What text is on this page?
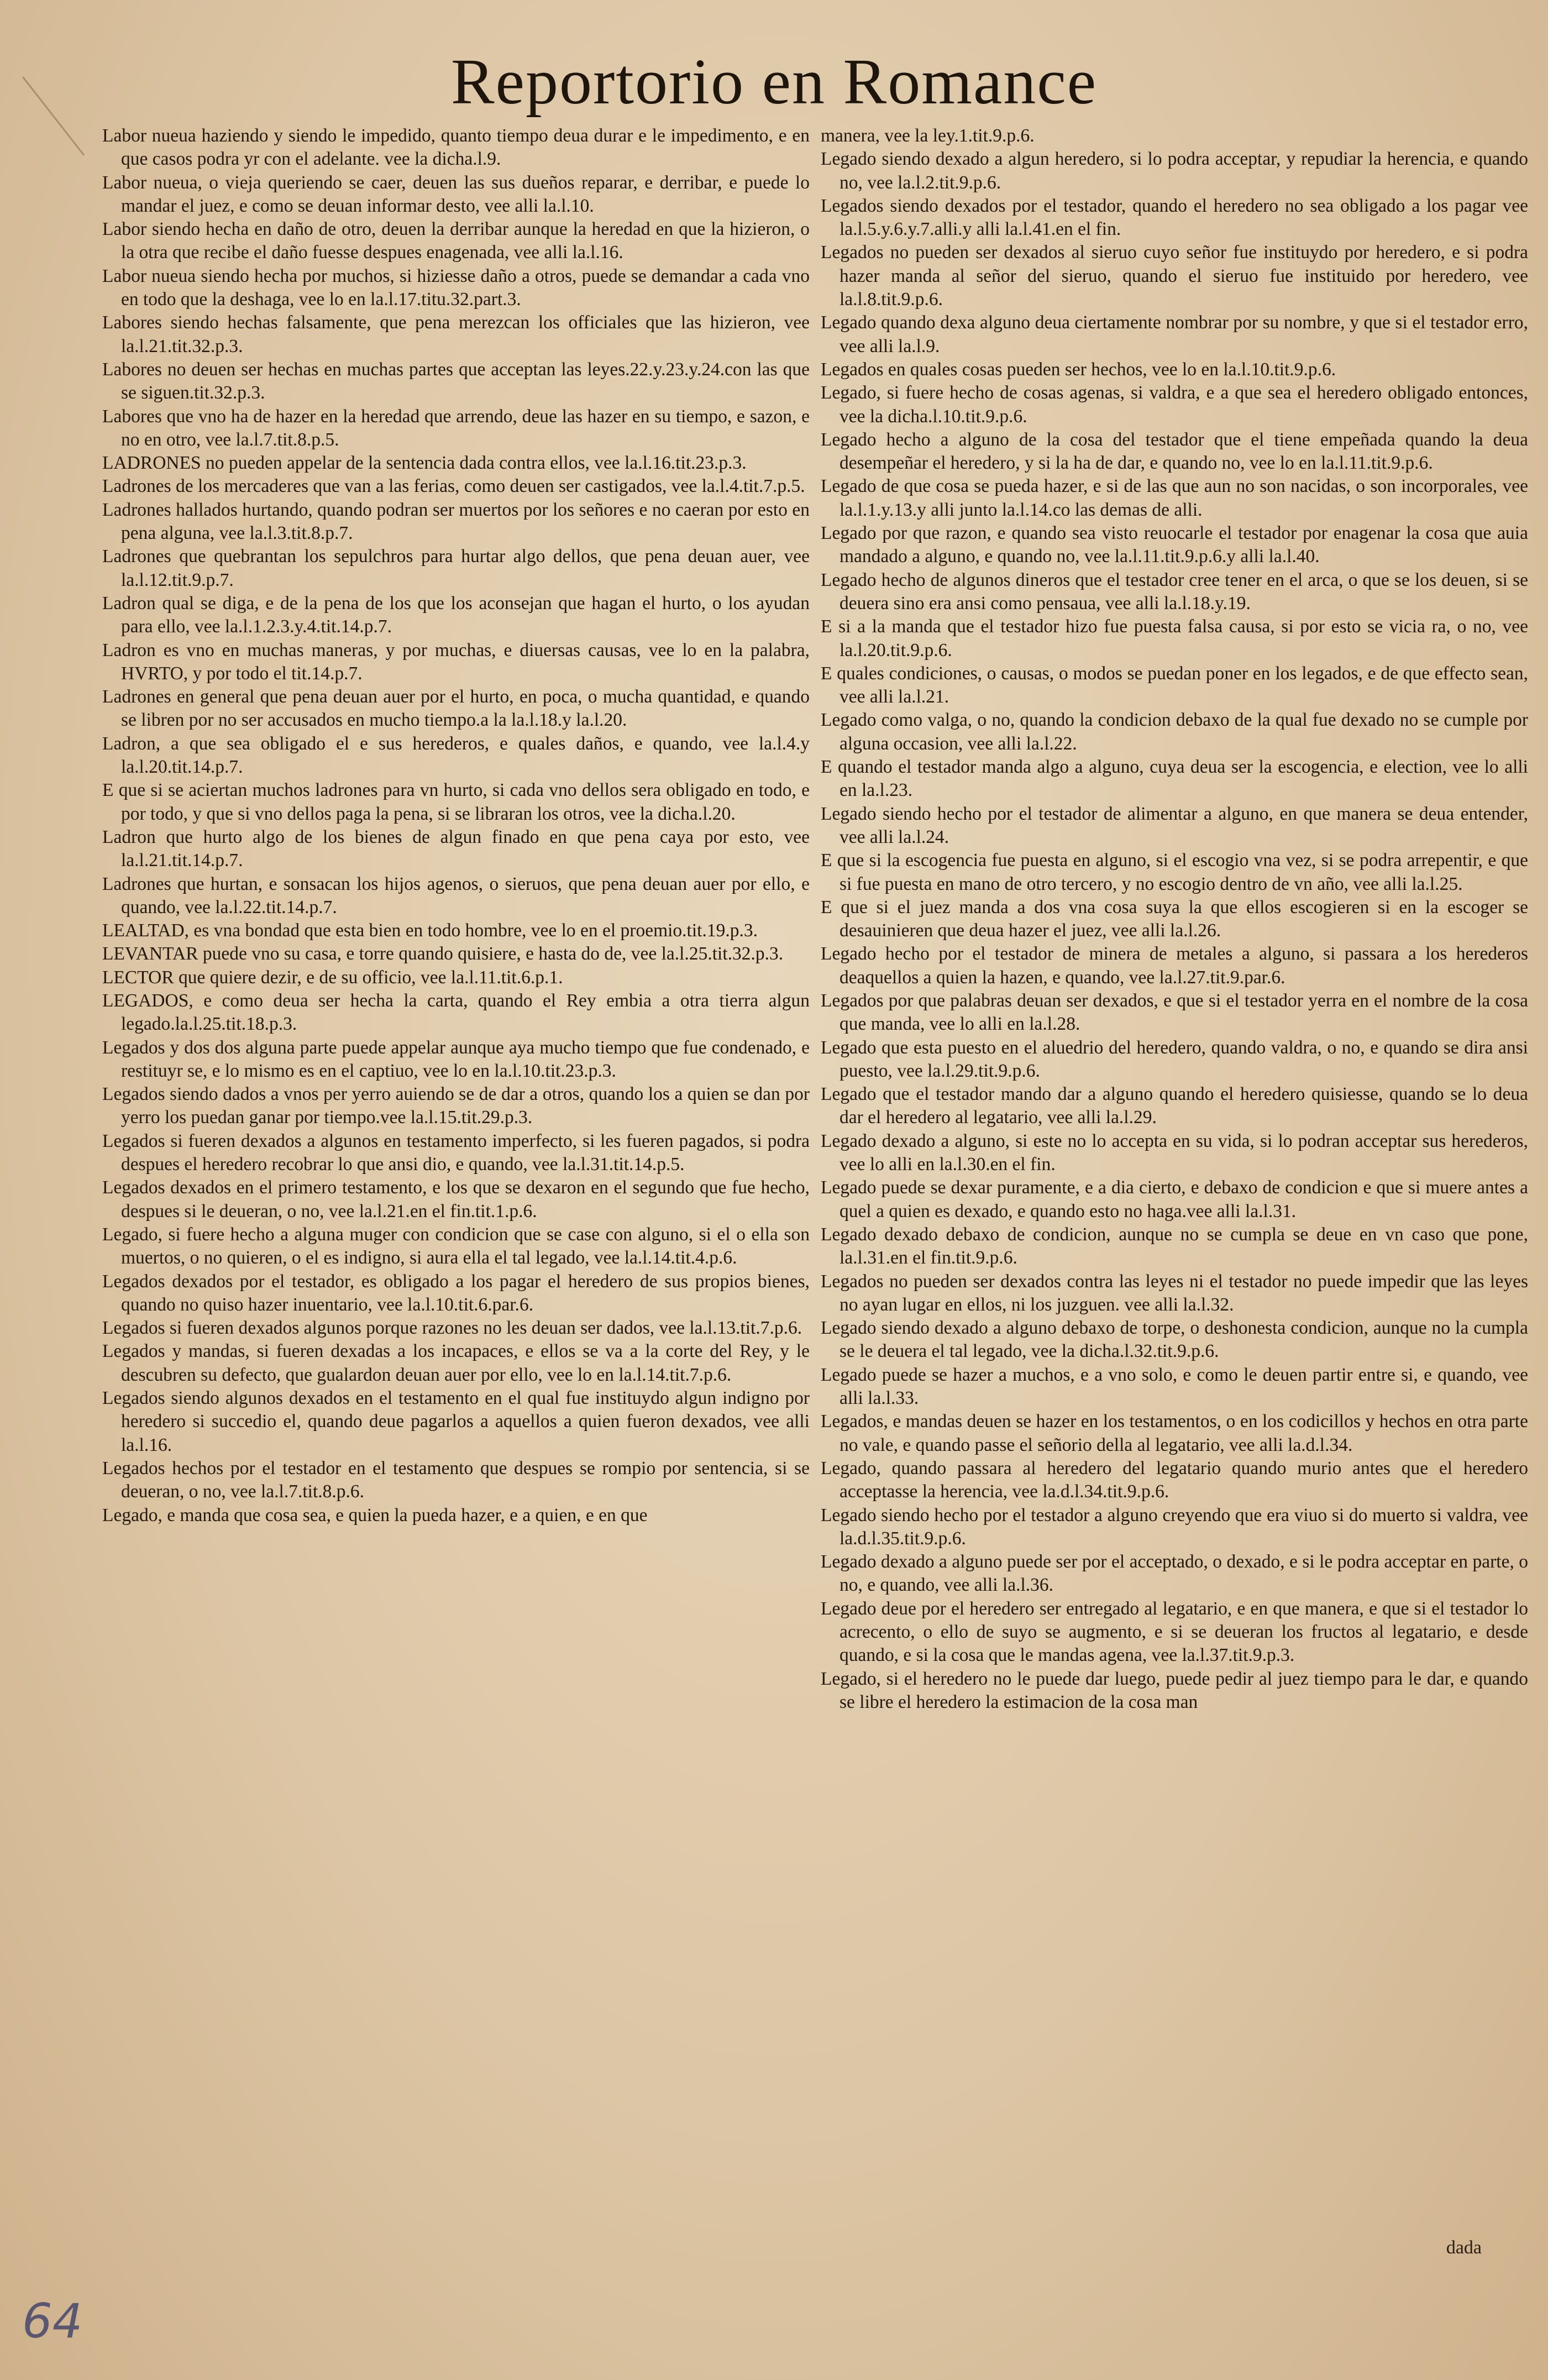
Reportorio en Romance
Labor nueua haziendo y siendo le impedido, quanto tiempo deua durar e le impedimento, e en que casos podra yr con el adelante. vee la dicha.l.9.
Labor nueua, o vieja queriendo se caer, deuen las sus dueños reparar, e derribar, e puede lo mandar el juez, e como se deuan informar desto, vee alli la.l.10.
Labor siendo hecha en daño de otro, deuen la derribar aunque la heredad en que la hizieron, o la otra que recibe el daño fuesse despues enagenada, vee alli la.l.16.
Labor nueua siendo hecha por muchos, si hiziesse daño a otros, puede se demandar a cada vno en todo que la deshaga, vee lo en la.l.17.titu.32.part.3.
Labores siendo hechas falsamente, que pena merezcan los officiales que las hizieron, vee la.l.21.tit.32.p.3.
Labores no deuen ser hechas en muchas partes que acceptan las leyes.22.y.23.y.24.con las que se siguen.tit.32.p.3.
Labores que vno ha de hazer en la heredad que arrendo, deue las hazer en su tiempo, e sazon, e no en otro, vee la.l.7.tit.8.p.5.
LADRONES no pueden appelar de la sentencia dada contra ellos, vee la.l.16.tit.23.p.3.
Ladrones de los mercaderes que van a las ferias, como deuen ser castigados, vee la.l.4.tit.7.p.5.
Ladrones hallados hurtando, quando podran ser muertos por los señores e no caeran por esto en pena alguna, vee la.l.3.tit.8.p.7.
Ladrones que quebrantan los sepulchros para hurtar algo dellos, que pena deuan auer, vee la.l.12.tit.9.p.7.
Ladron qual se diga, e de la pena de los que los aconsejan que hagan el hurto, o los ayudan para ello, vee la.l.1.2.3.y.4.tit.14.p.7.
Ladron es vno en muchas maneras, y por muchas, e diuersas causas, vee lo en la palabra, HVRTO, y por todo el tit.14.p.7.
Ladrones en general que pena deuan auer por el hurto, en poca, o mucha quantidad, e quando se libren por no ser accusados en mucho tiempo.a la la.l.18.y la.l.20.
Ladron, a que sea obligado el e sus herederos, e quales daños, e quando, vee la.l.4.y la.l.20.tit.14.p.7.
E que si se aciertan muchos ladrones para vn hurto, si cada vno dellos sera obligado en todo, e por todo, y que si vno dellos paga la pena, si se libraran los otros, vee la dicha.l.20.
Ladron que hurto algo de los bienes de algun finado en que pena caya por esto, vee la.l.21.tit.14.p.7.
Ladrones que hurtan, e sonsacan los hijos agenos, o sieruos, que pena deuan auer por ello, e quando, vee la.l.22.tit.14.p.7.
LEALTAD, es vna bondad que esta bien en todo hombre, vee lo en el proemio.tit.19.p.3.
LEVANTAR puede vno su casa, e torre quando quisiere, e hasta do de, vee la.l.25.tit.32.p.3.
LECTOR que quiere dezir, e de su officio, vee la.l.11.tit.6.p.1.
LEGADOS, e como deua ser hecha la carta, quando el Rey embia a otra tierra algun legado.la.l.25.tit.18.p.3.
Legados y dos dos alguna parte puede appelar aunque aya mucho tiempo que fue condenado, e restituyr se, e lo mismo es en el captiuo, vee lo en la.l.10.tit.23.p.3.
Legados siendo dados a vnos per yerro auiendo se de dar a otros, quando los a quien se dan por yerro los puedan ganar por tiempo.vee la.l.15.tit.29.p.3.
Legados si fueren dexados a algunos en testamento imperfecto, si les fueren pagados, si podra despues el heredero recobrar lo que ansi dio, e quando, vee la.l.31.tit.14.p.5.
Legados dexados en el primero testamento, e los que se dexaron en el segundo que fue hecho, despues si le deueran, o no, vee la.l.21.en el fin.tit.1.p.6.
Legado, si fuere hecho a alguna muger con condicion que se case con alguno, si el o ella son muertos, o no quieren, o el es indigno, si aura ella el tal legado, vee la.l.14.tit.4.p.6.
Legados dexados por el testador, es obligado a los pagar el heredero de sus propios bienes, quando no quiso hazer inuentario, vee la.l.10.tit.6.par.6.
Legados si fueren dexados algunos porque razones no les deuan ser dados, vee la.l.13.tit.7.p.6.
Legados y mandas, si fueren dexadas a los incapaces, e ellos se va a la corte del Rey, y le descubren su defecto, que gualardon deuan auer por ello, vee lo en la.l.14.tit.7.p.6.
Legados siendo algunos dexados en el testamento en el qual fue instituydo algun indigno por heredero si succedio el, quando deue pagarlos a aquellos a quien fueron dexados, vee alli la.l.16.
Legados hechos por el testador en el testamento que despues se rompio por sentencia, si se deueran, o no, vee la.l.7.tit.8.p.6.
Legado, e manda que cosa sea, e quien la pueda hazer, e a quien, e en que
manera, vee la ley.1.tit.9.p.6.
Legado siendo dexado a algun heredero, si lo podra acceptar, y repudiar la herencia, e quando no, vee la.l.2.tit.9.p.6.
Legados siendo dexados por el testador, quando el heredero no sea obligado a los pagar vee la.l.5.y.6.y.7.alli.y alli la.l.41.en el fin.
Legados no pueden ser dexados al sieruo cuyo señor fue instituydo por heredero, e si podra hazer manda al señor del sieruo, quando el sieruo fue instituido por heredero, vee la.l.8.tit.9.p.6.
Legado quando dexa alguno deua ciertamente nombrar por su nombre, y que si el testador erro, vee alli la.l.9.
Legados en quales cosas pueden ser hechos, vee lo en la.l.10.tit.9.p.6.
Legado, si fuere hecho de cosas agenas, si valdra, e a que sea el heredero obligado entonces, vee la dicha.l.10.tit.9.p.6.
Legado hecho a alguno de la cosa del testador que el tiene empeñada quando la deua desempeñar el heredero, y si la ha de dar, e quando no, vee lo en la.l.11.tit.9.p.6.
Legado de que cosa se pueda hazer, e si de las que aun no son nacidas, o son incorporales, vee la.l.1.y.13.y alli junto la.l.14.co las demas de alli.
Legado por que razon, e quando sea visto reuocarle el testador por enagenar la cosa que auia mandado a alguno, e quando no, vee la.l.11.tit.9.p.6.y alli la.l.40.
Legado hecho de algunos dineros que el testador cree tener en el arca, o que se los deuen, si se deuera sino era ansi como pensaua, vee alli la.l.18.y.19.
E si a la manda que el testador hizo fue puesta falsa causa, si por esto se vicia ra, o no, vee la.l.20.tit.9.p.6.
E quales condiciones, o causas, o modos se puedan poner en los legados, e de que effecto sean, vee alli la.l.21.
Legado como valga, o no, quando la condicion debaxo de la qual fue dexado no se cumple por alguna occasion, vee alli la.l.22.
E quando el testador manda algo a alguno, cuya deua ser la escogencia, e election, vee lo alli en la.l.23.
Legado siendo hecho por el testador de alimentar a alguno, en que manera se deua entender, vee alli la.l.24.
E que si la escogencia fue puesta en alguno, si el escogio vna vez, si se podra arrepentir, e que si fue puesta en mano de otro tercero, y no escogio dentro de vn año, vee alli la.l.25.
E que si el juez manda a dos vna cosa suya la que ellos escogieren si en la escoger se desauinieren que deua hazer el juez, vee alli la.l.26.
Legado hecho por el testador de minera de metales a alguno, si passara a los herederos deaquellos a quien la hazen, e quando, vee la.l.27.tit.9.par.6.
Legados por que palabras deuan ser dexados, e que si el testador yerra en el nombre de la cosa que manda, vee lo alli en la.l.28.
Legado que esta puesto en el aluedrio del heredero, quando valdra, o no, e quando se dira ansi puesto, vee la.l.29.tit.9.p.6.
Legado que el testador mando dar a alguno quando el heredero quisiesse, quando se lo deua dar el heredero al legatario, vee alli la.l.29.
Legado dexado a alguno, si este no lo accepta en su vida, si lo podran acceptar sus herederos, vee lo alli en la.l.30.en el fin.
Legado puede se dexar puramente, e a dia cierto, e debaxo de condicion e que si muere antes a quel a quien es dexado, e quando esto no haga.vee alli la.l.31.
Legado dexado debaxo de condicion, aunque no se cumpla se deue en vn caso que pone, la.l.31.en el fin.tit.9.p.6.
Legados no pueden ser dexados contra las leyes ni el testador no puede impedir que las leyes no ayan lugar en ellos, ni los juzguen. vee alli la.l.32.
Legado siendo dexado a alguno debaxo de torpe, o deshonesta condicion, aunque no la cumpla se le deuera el tal legado, vee la dicha.l.32.tit.9.p.6.
Legado puede se hazer a muchos, e a vno solo, e como le deuen partir entre si, e quando, vee alli la.l.33.
Legados, e mandas deuen se hazer en los testamentos, o en los codicillos y hechos en otra parte no vale, e quando passe el señorio della al legatario, vee alli la.d.l.34.
Legado, quando passara al heredero del legatario quando murio antes que el heredero acceptasse la herencia, vee la.d.l.34.tit.9.p.6.
Legado siendo hecho por el testador a alguno creyendo que era viuo si do muerto si valdra, vee la.d.l.35.tit.9.p.6.
Legado dexado a alguno puede ser por el acceptado, o dexado, e si le podra acceptar en parte, o no, e quando, vee alli la.l.36.
Legado deue por el heredero ser entregado al legatario, e en que manera, e que si el testador lo acrecento, o ello de suyo se augmento, e si se deueran los fructos al legatario, e desde quando, e si la cosa que le mandas agena, vee la.l.37.tit.9.p.3.
Legado, si el heredero no le puede dar luego, puede pedir al juez tiempo para le dar, e quando se libre el heredero la estimacion de la cosa man
dada
64
